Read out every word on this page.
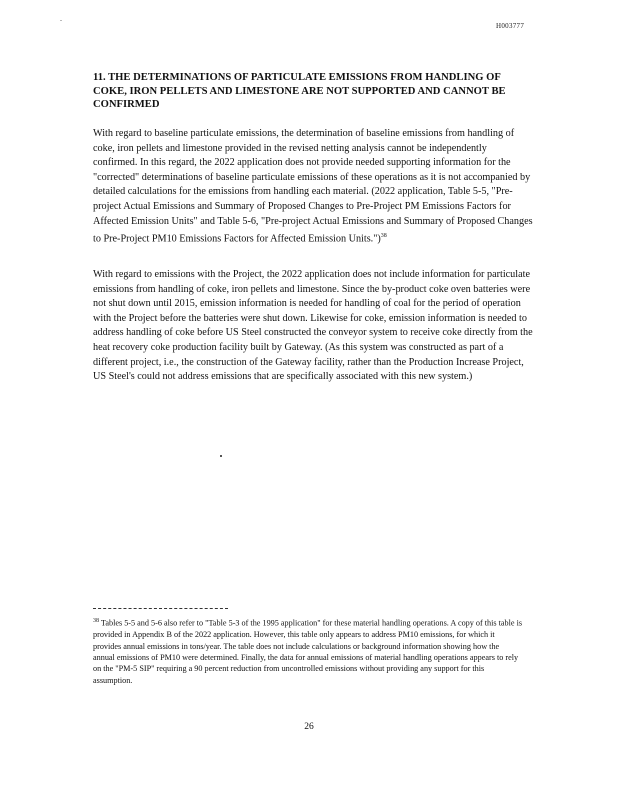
-
H003777
11. THE DETERMINATIONS OF PARTICULATE EMISSIONS FROM HANDLING OF COKE, IRON PELLETS AND LIMESTONE ARE NOT SUPPORTED AND CANNOT BE CONFIRMED
With regard to baseline particulate emissions, the determination of baseline emissions from handling of coke, iron pellets and limestone provided in the revised netting analysis cannot be independently confirmed. In this regard, the 2022 application does not provide needed supporting information for the "corrected" determinations of baseline particulate emissions of these operations as it is not accompanied by detailed calculations for the emissions from handling each material. (2022 application, Table 5-5, "Pre-project Actual Emissions and Summary of Proposed Changes to Pre-Project PM Emissions Factors for Affected Emission Units" and Table 5-6, "Pre-project Actual Emissions and Summary of Proposed Changes to Pre-Project PM10 Emissions Factors for Affected Emission Units.")$^{38}$
With regard to emissions with the Project, the 2022 application does not include information for particulate emissions from handling of coke, iron pellets and limestone. Since the by-product coke oven batteries were not shut down until 2015, emission information is needed for handling of coal for the period of operation with the Project before the batteries were shut down. Likewise for coke, emission information is needed to address handling of coke before US Steel constructed the conveyor system to receive coke directly from the heat recovery coke production facility built by Gateway. (As this system was constructed as part of a different project, i.e., the construction of the Gateway facility, rather than the Production Increase Project, US Steel's could not address emissions that are specifically associated with this new system.)
$^{38}$ Tables 5-5 and 5-6 also refer to "Table 5-3 of the 1995 application" for these material handling operations. A copy of this table is provided in Appendix B of the 2022 application. However, this table only appears to address PM10 emissions, for which it provides annual emissions in tons/year. The table does not include calculations or background information showing how the annual emissions of PM10 were determined. Finally, the data for annual emissions of material handling operations appears to rely on the "PM-5 SIP" requiring a 90 percent reduction from uncontrolled emissions without providing any support for this assumption.
26
